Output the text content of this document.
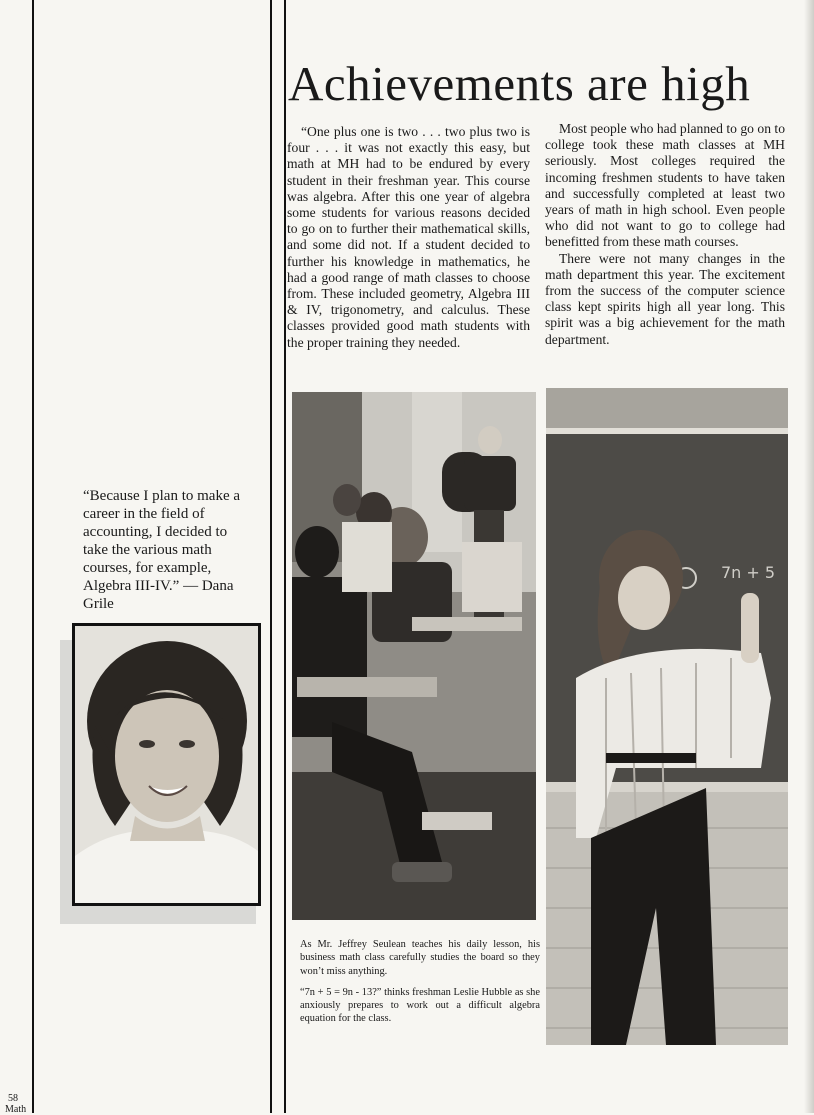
Achievements are high

“One plus one is two . . . two plus two is four . . . it was not exactly this easy, but math at MH had to be endured by every student in their freshman year. This course was algebra. After this one year of algebra some students for various reasons decided to go on to further their mathematical skills, and some did not. If a student decided to further his knowledge in mathematics, he had a good range of math classes to choose from. These included geometry, Algebra III & IV, trigonometry, and calculus. These classes provided good math students with the proper training they needed.

Most people who had planned to go on to college took these math classes at MH seriously. Most colleges required the incoming freshmen students to have taken and successfully completed at least two years of math in high school. Even people who did not want to go to college had benefitted from these math courses.

There were not many changes in the math department this year. The excitement from the success of the computer science class kept spirits high all year long. This spirit was a big achievement for the math department.

“Because I plan to make a career in the field of accounting, I decided to take the various math courses, for example, Algebra III-IV.” — Dana Grile
7n + 5

As Mr. Jeffrey Seulean teaches his daily lesson, his business math class carefully studies the board so they won’t miss anything.

“7n + 5 = 9n - 13?” thinks freshman Leslie Hubble as she anxiously prepares to work out a difficult algebra equation for the class.

58
Math
